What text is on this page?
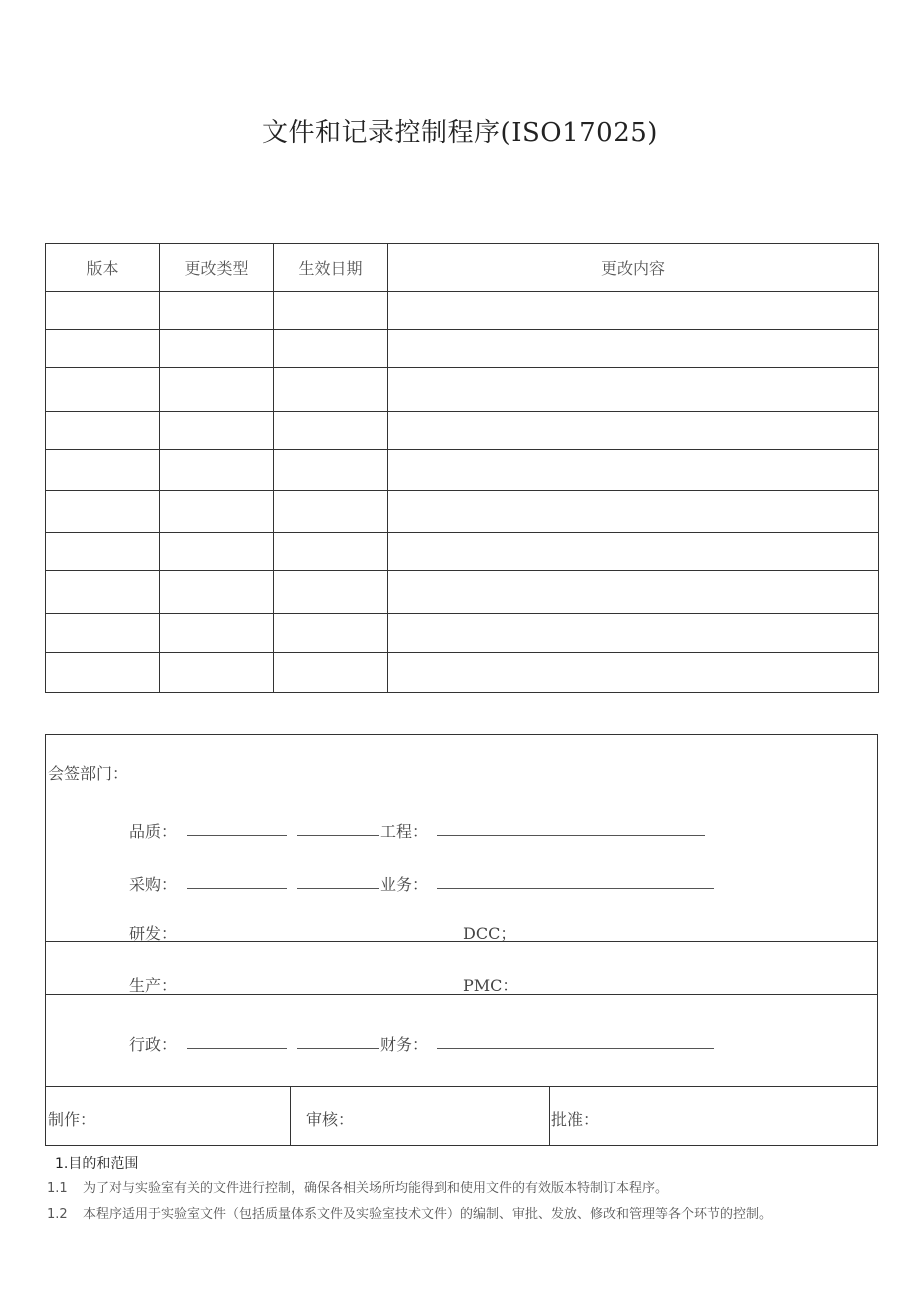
文件和记录控制程序(ISO17025)
版本	更改类型	生效日期	更改内容

会签部门：
品质：	工程：
采购：	业务：
研发：	DCC；
生产：	PMC：
行政：	财务：
制作：	审核：	批准：
1.目的和范围
1.1 为了对与实验室有关的文件进行控制，确保各相关场所均能得到和使用文件的有效版本特制订本程序。
1.2 本程序适用于实验室文件（包括质量体系文件及实验室技术文件）的编制、审批、发放、修改和管理等各个环节的控制。
